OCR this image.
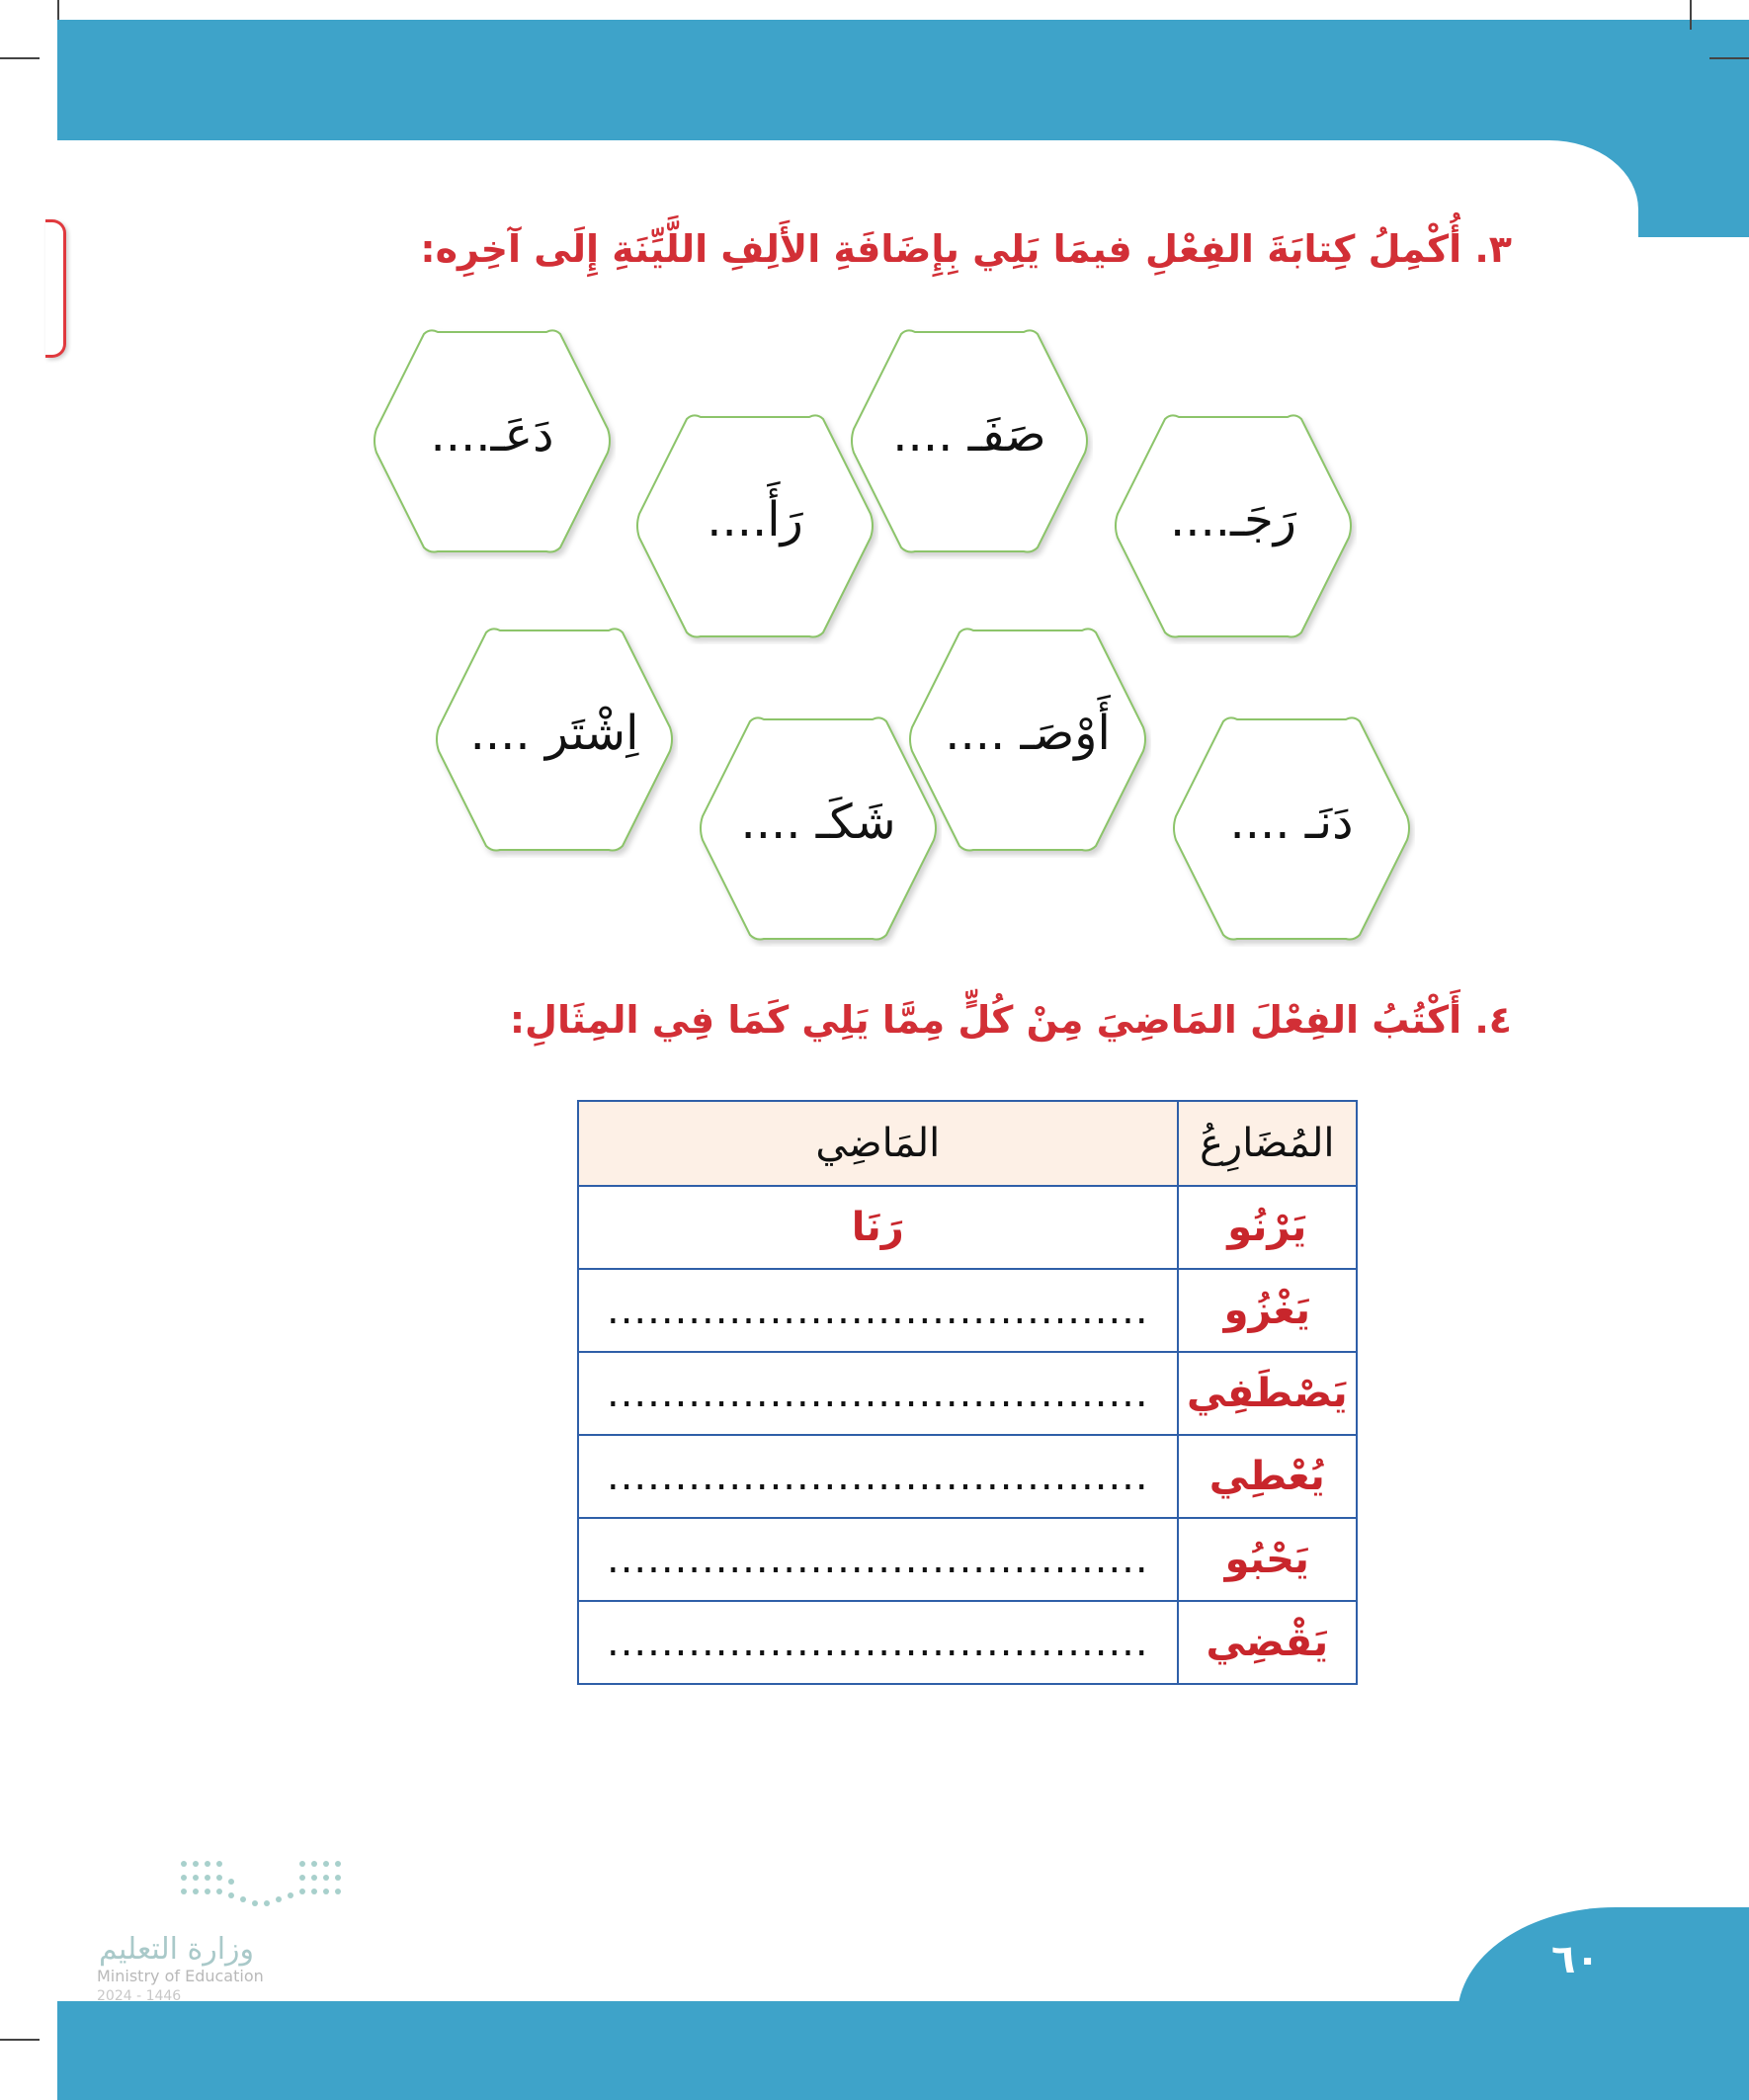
٣. أُكْمِلُ كِتابَةَ الفِعْلِ فيمَا يَلِي بِإِضَافَةِ الأَلِفِ اللَّيِّنَةِ إِلَى آخِرِه:
دَعَـ....
رَأَ....
صَفَـ ....
رَجَـ....
اِشْتَر ....
شَكَـ ....
أَوْصَـ ....
دَنَـ ....
٤. أَكْتُبُ الفِعْلَ المَاضِيَ مِنْ كُلٍّ مِمَّا يَلِي كَمَا فِي المِثَالِ:
المُضَارِعُ	المَاضِي
يَرْنُو	رَنَا
يَغْزُو	........................................
يَصْطَفِي	........................................
يُعْطِي	........................................
يَحْبُو	........................................
يَقْضِي	........................................
٦٠
وزارة التعليم
Ministry of Education
2024 - 1446
